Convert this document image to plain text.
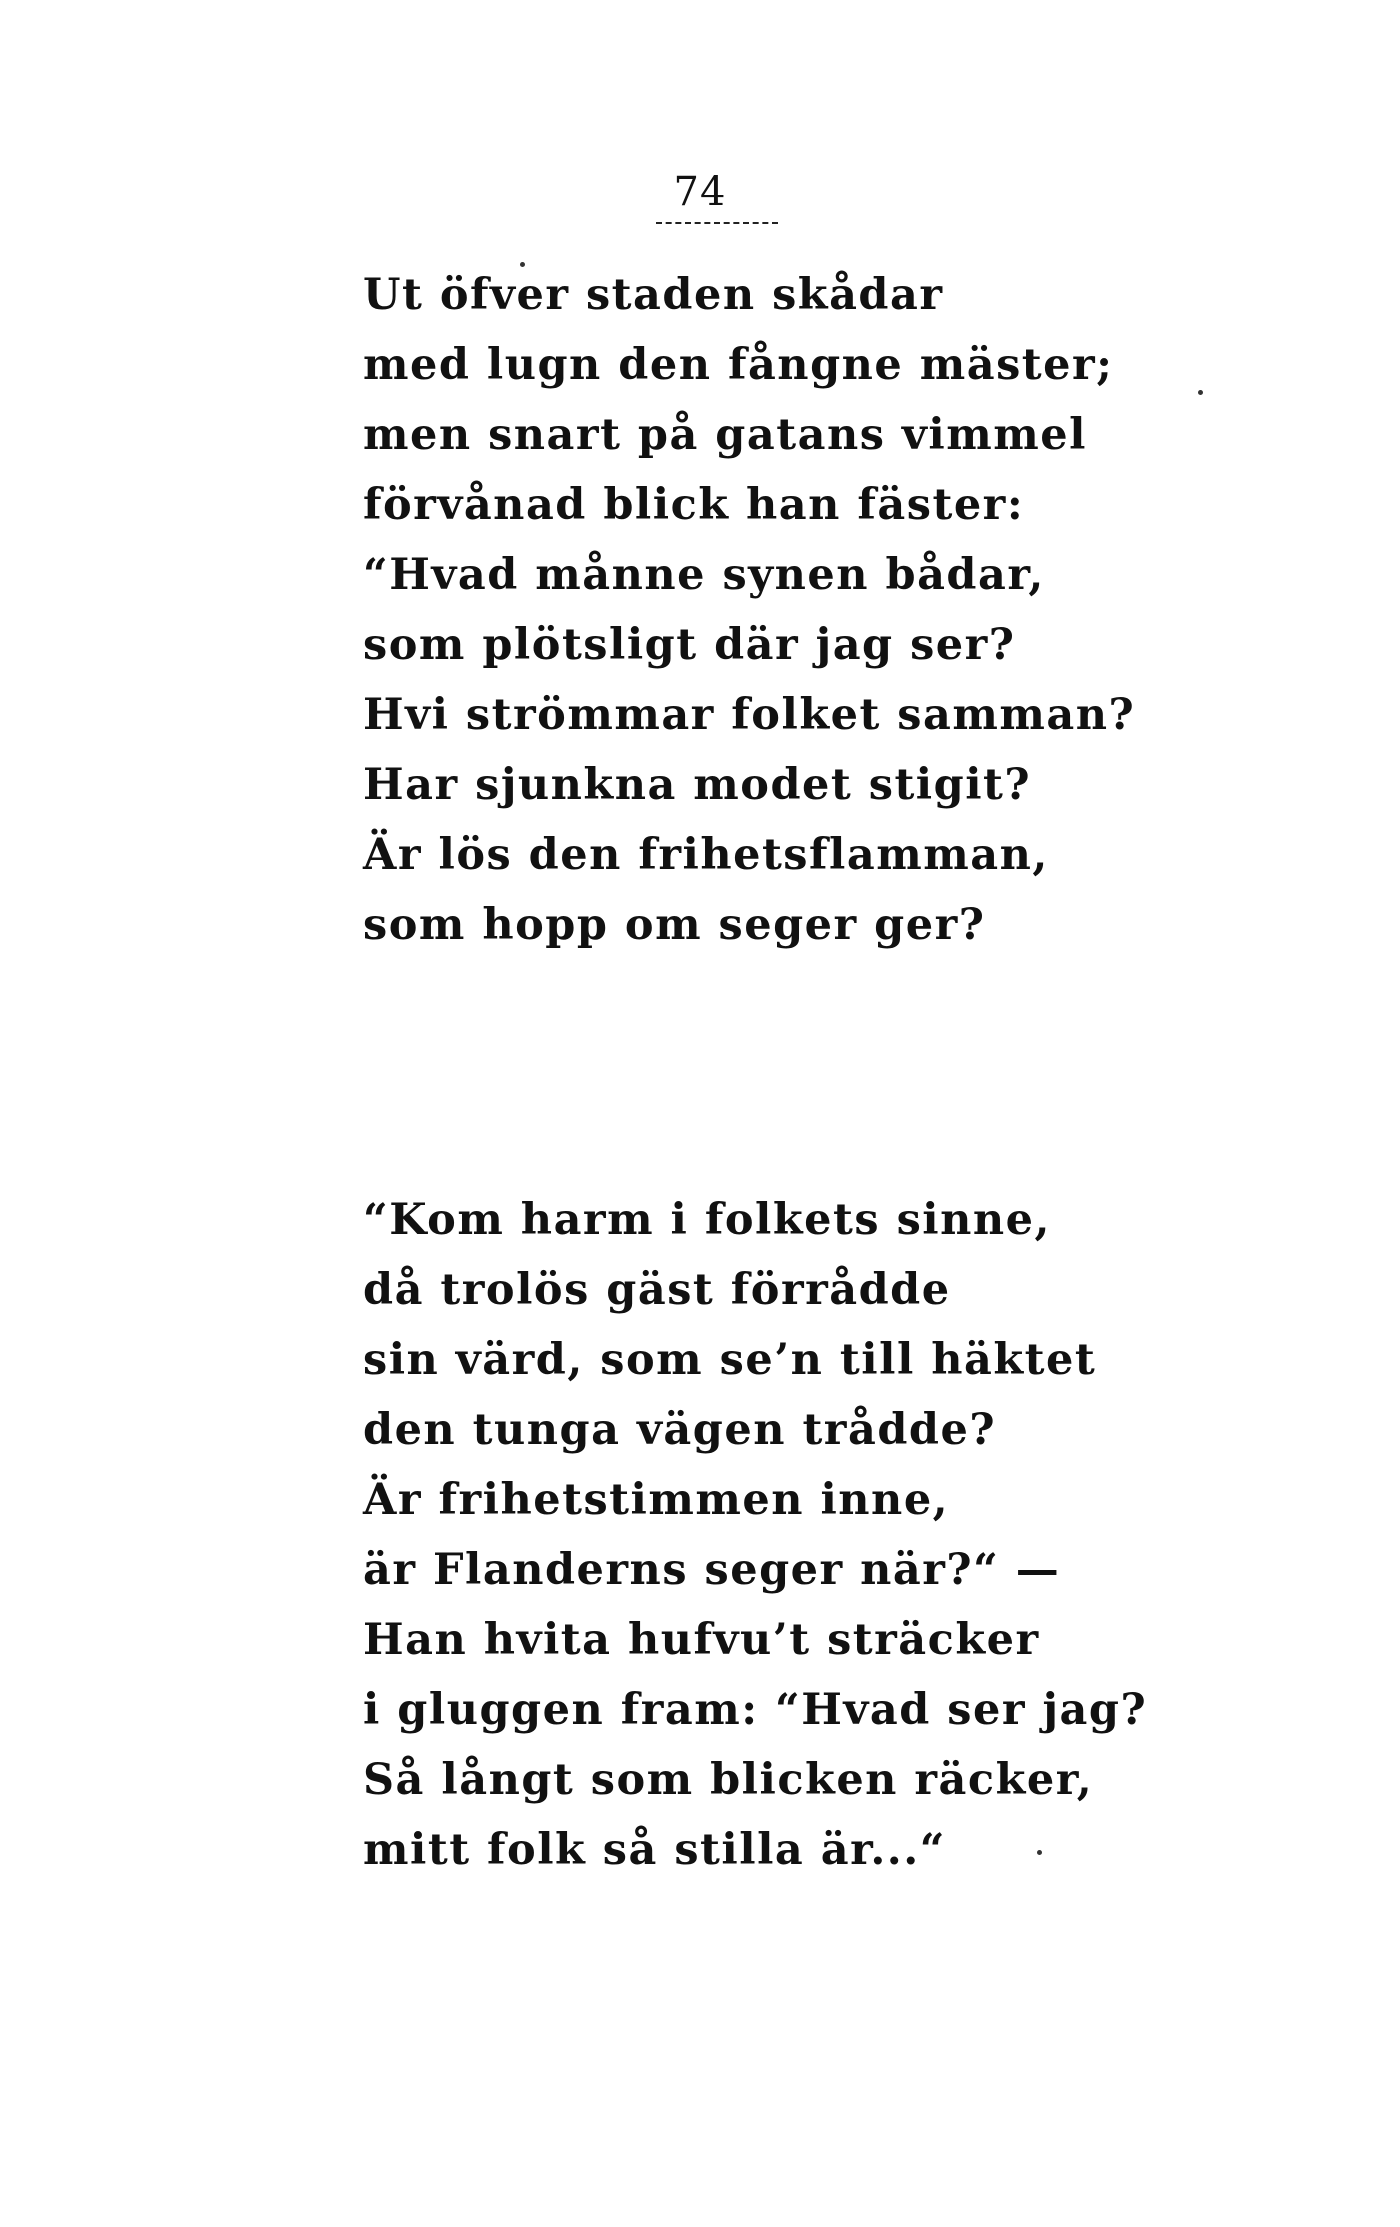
74
Ut öfver staden skådar
med lugn den fångne mäster;
men snart på gatans vimmel
förvånad blick han fäster:
“Hvad månne synen bådar,
som plötsligt där jag ser?
Hvi strömmar folket samman?
Har sjunkna modet stigit?
Är lös den frihetsflamman,
som hopp om seger ger?
“Kom harm i folkets sinne,
då trolös gäst förrådde
sin värd, som se’n till häktet
den tunga vägen trådde?
Är frihetstimmen inne,
är Flanderns seger när?“ —
Han hvita hufvu’t sträcker
i gluggen fram: “Hvad ser jag?
Så långt som blicken räcker,
mitt folk så stilla är...“
